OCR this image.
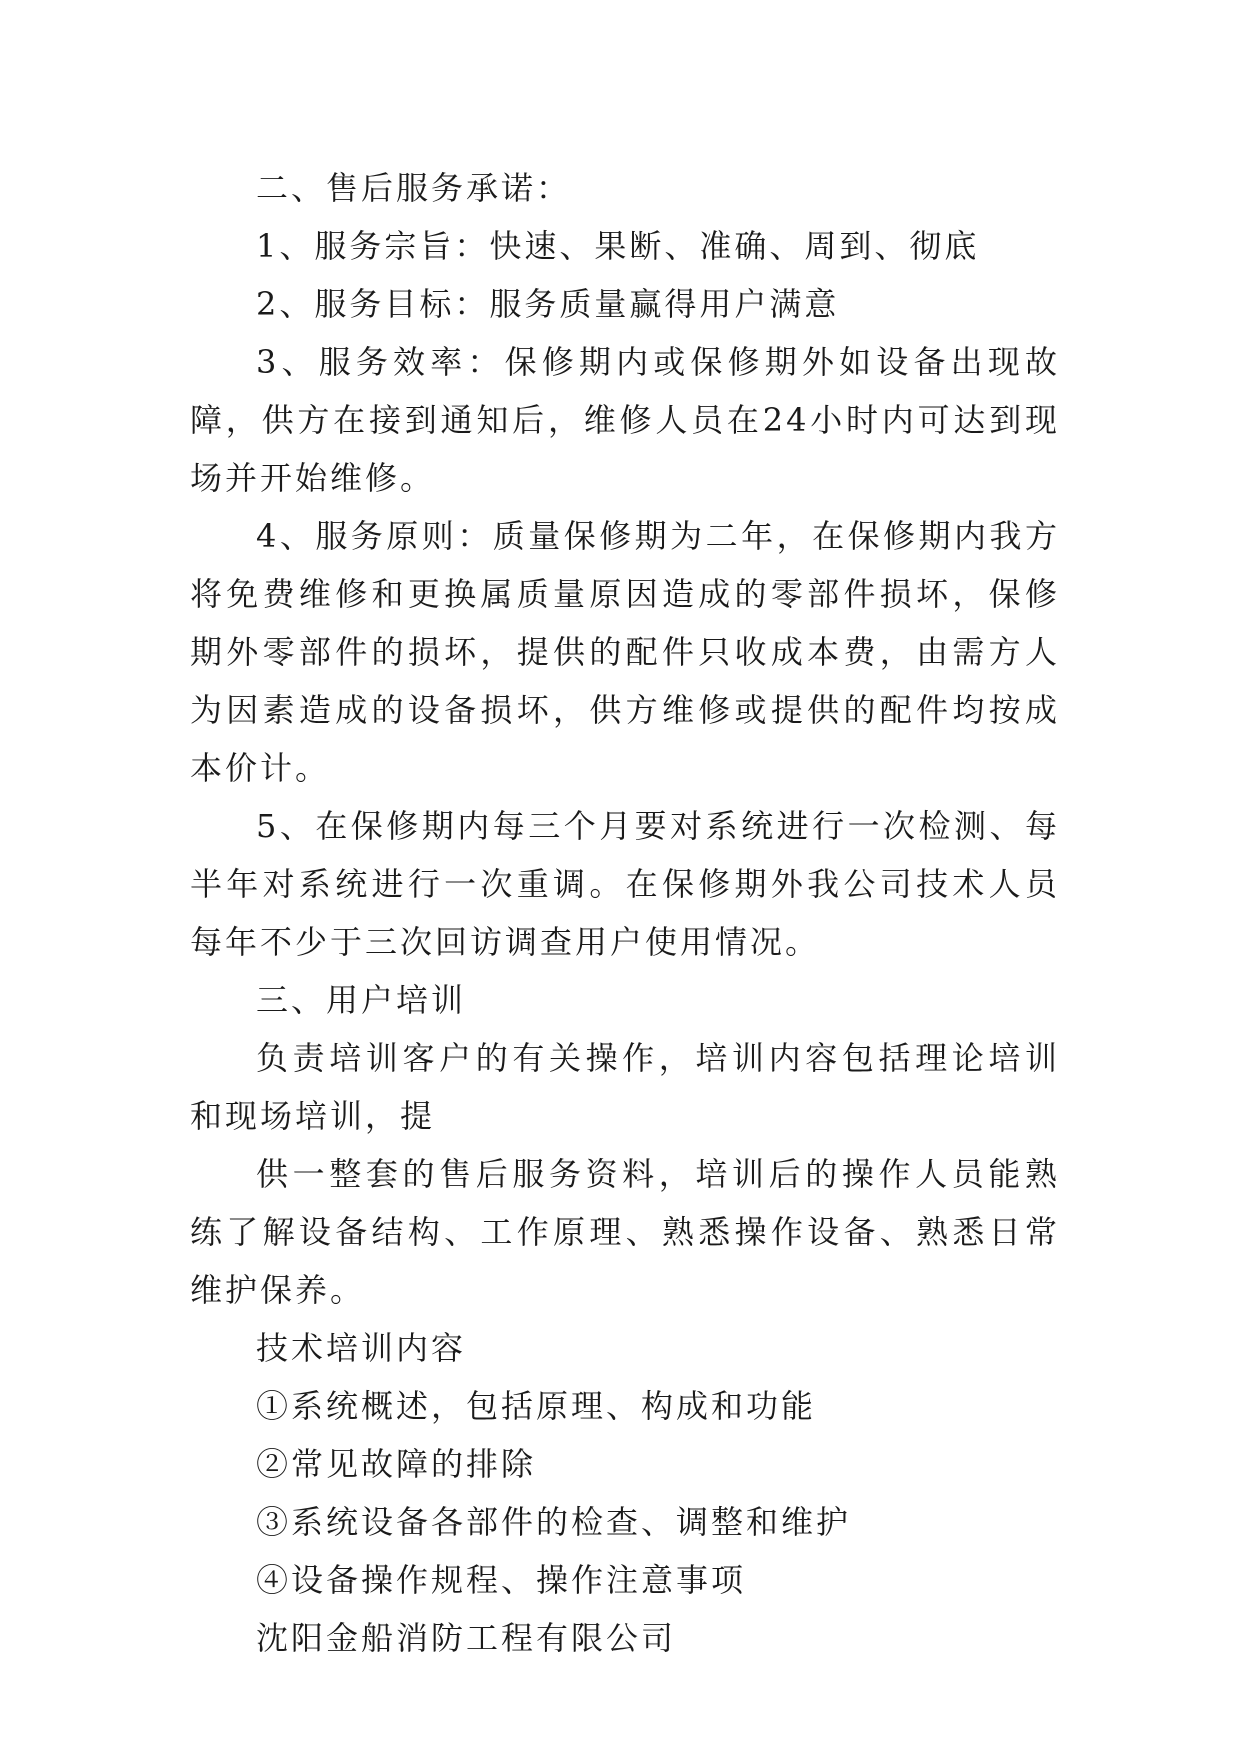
二、售后服务承诺：

1、服务宗旨：快速、果断、准确、周到、彻底

2、服务目标：服务质量赢得用户满意

3、服务效率：保修期内或保修期外如设备出现故障，供方在接到通知后，维修人员在24小时内可达到现场并开始维修。

4、服务原则：质量保修期为二年，在保修期内我方将免费维修和更换属质量原因造成的零部件损坏，保修期外零部件的损坏，提供的配件只收成本费，由需方人为因素造成的设备损坏，供方维修或提供的配件均按成本价计。

5、在保修期内每三个月要对系统进行一次检测、每半年对系统进行一次重调。在保修期外我公司技术人员每年不少于三次回访调查用户使用情况。

三、用户培训

负责培训客户的有关操作，培训内容包括理论培训和现场培训，提

供一整套的售后服务资料，培训后的操作人员能熟练了解设备结构、工作原理、熟悉操作设备、熟悉日常维护保养。

技术培训内容

①系统概述，包括原理、构成和功能

②常见故障的排除

③系统设备各部件的检查、调整和维护

④设备操作规程、操作注意事项

沈阳金船消防工程有限公司
